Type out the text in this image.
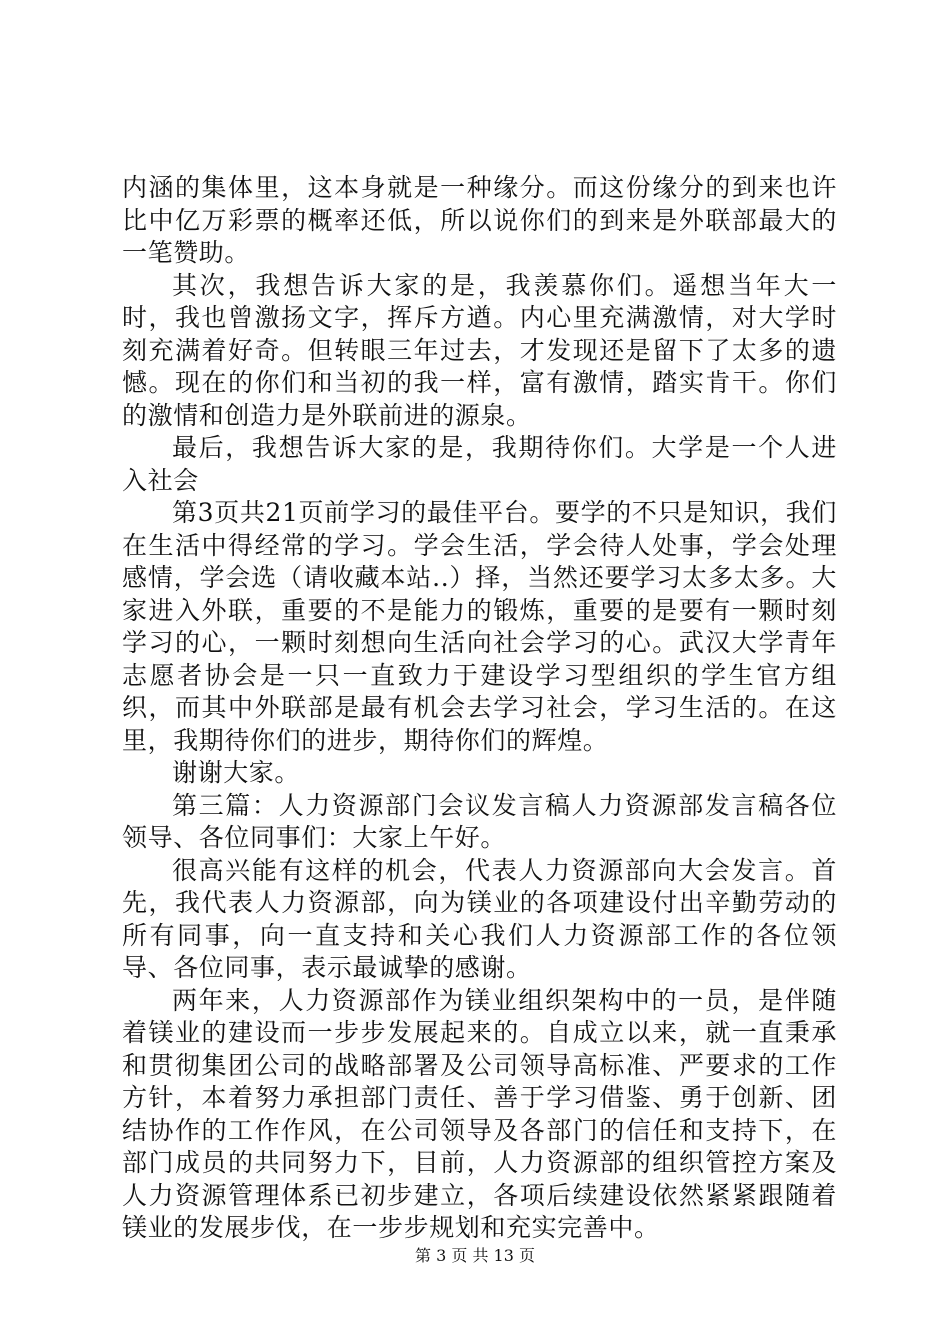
内涵的集体里，这本身就是一种缘分。而这份缘分的到来也许比中亿万彩票的概率还低，所以说你们的到来是外联部最大的一笔赞助。

其次，我想告诉大家的是，我羡慕你们。遥想当年大一时，我也曾激扬文字，挥斥方遒。内心里充满激情，对大学时刻充满着好奇。但转眼三年过去，才发现还是留下了太多的遗憾。现在的你们和当初的我一样，富有激情，踏实肯干。你们的激情和创造力是外联前进的源泉。

最后，我想告诉大家的是，我期待你们。大学是一个人进入社会

第3页共21页前学习的最佳平台。要学的不只是知识，我们在生活中得经常的学习。学会生活，学会待人处事，学会处理感情，学会选（请收藏本站..）择，当然还要学习太多太多。大家进入外联，重要的不是能力的锻炼，重要的是要有一颗时刻学习的心，一颗时刻想向生活向社会学习的心。武汉大学青年志愿者协会是一只一直致力于建设学习型组织的学生官方组织，而其中外联部是最有机会去学习社会，学习生活的。在这里，我期待你们的进步，期待你们的辉煌。

谢谢大家。

第三篇：人力资源部门会议发言稿人力资源部发言稿各位领导、各位同事们：大家上午好。

很高兴能有这样的机会，代表人力资源部向大会发言。首先，我代表人力资源部，向为镁业的各项建设付出辛勤劳动的所有同事，向一直支持和关心我们人力资源部工作的各位领导、各位同事，表示最诚挚的感谢。

两年来，人力资源部作为镁业组织架构中的一员，是伴随着镁业的建设而一步步发展起来的。自成立以来，就一直秉承和贯彻集团公司的战略部署及公司领导高标准、严要求的工作方针，本着努力承担部门责任、善于学习借鉴、勇于创新、团结协作的工作作风，在公司领导及各部门的信任和支持下，在部门成员的共同努力下，目前，人力资源部的组织管控方案及人力资源管理体系已初步建立，各项后续建设依然紧紧跟随着镁业的发展步伐，在一步步规划和充实完善中。

第 3 页 共 13 页
